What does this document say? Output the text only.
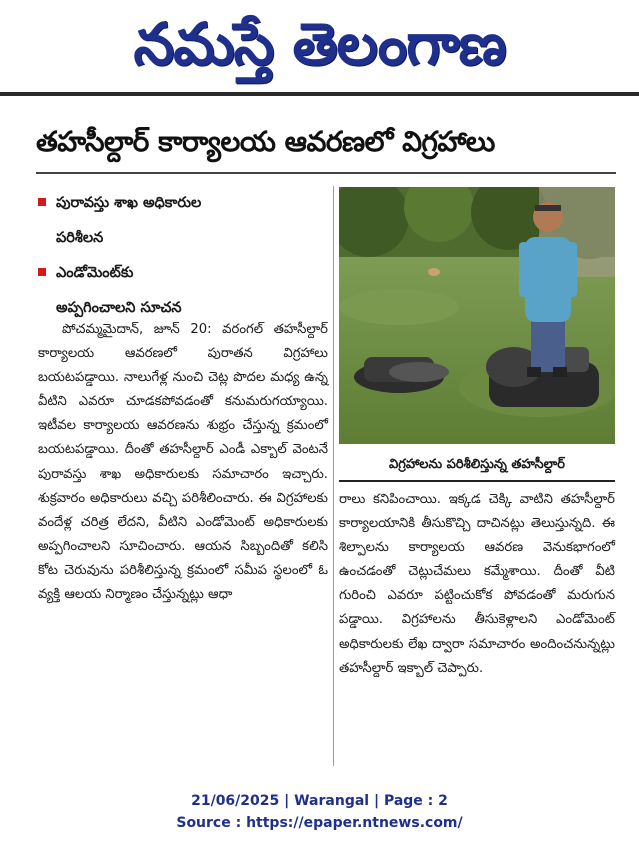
నమస్తే తెలంగాణ
తహసీల్దార్ కార్యాలయ ఆవరణలో విగ్రహాలు
పురావస్తు శాఖ అధికారుల
పరిశీలన
ఎండోమెంట్‌కు
అప్పగించాలని సూచన

పోచమ్మమైదాన్, జూన్ 20: వరంగల్ తహసీల్దార్ కార్యాలయ ఆవరణలో పురాతన విగ్రహాలు బయటపడ్డాయి. నాలుగేళ్ల నుంచి చెట్ల పొదల మధ్య ఉన్న వీటిని ఎవరూ చూడకపోవడంతో కనుమరుగయ్యాయి. ఇటీవల కార్యాలయ ఆవరణను శుభ్రం చేస్తున్న క్రమంలో బయటపడ్డాయి. దీంతో తహసీల్దార్ ఎండీ ఎక్బాల్ వెంటనే పురావస్తు శాఖ అధికారులకు సమాచారం ఇచ్చారు. శుక్రవారం అధికారులు వచ్చి పరిశీలించారు. ఈ విగ్రహాలకు వందేళ్ల చరిత్ర లేదని, వీటిని ఎండోమెంట్ అధికారులకు అప్పగించాలని సూచించారు. ఆయన సిబ్బందితో కలిసి కోట చెరువును పరిశీలిస్తున్న క్రమంలో సమీప స్థలంలో ఓ వ్యక్తి ఆలయ నిర్మాణం చేస్తున్నట్లు ఆధా

విగ్రహాలను పరిశీలిస్తున్న తహసీల్దార్

రాలు కనిపించాయి. ఇక్కడ చెక్కి వాటిని తహసీల్దార్ కార్యాలయానికి తీసుకొచ్చి దాచినట్లు తెలుస్తున్నది. ఈ శిల్పాలను కార్యాలయ ఆవరణ వెనుకభాగంలో ఉంచడంతో చెట్లుచేమలు కమ్మేశాయి. దీంతో వీటి గురించి ఎవరూ పట్టించుకోక పోవడంతో మరుగున పడ్డాయి. విగ్రహాలను తీసుకెళ్లాలని ఎండోమెంట్ అధికారులకు లేఖ ద్వారా సమాచారం అందించనున్నట్లు తహసీల్దార్ ఇక్బాల్ చెప్పారు.

21/06/2025 | Warangal | Page : 2
Source : https://epaper.ntnews.com/
